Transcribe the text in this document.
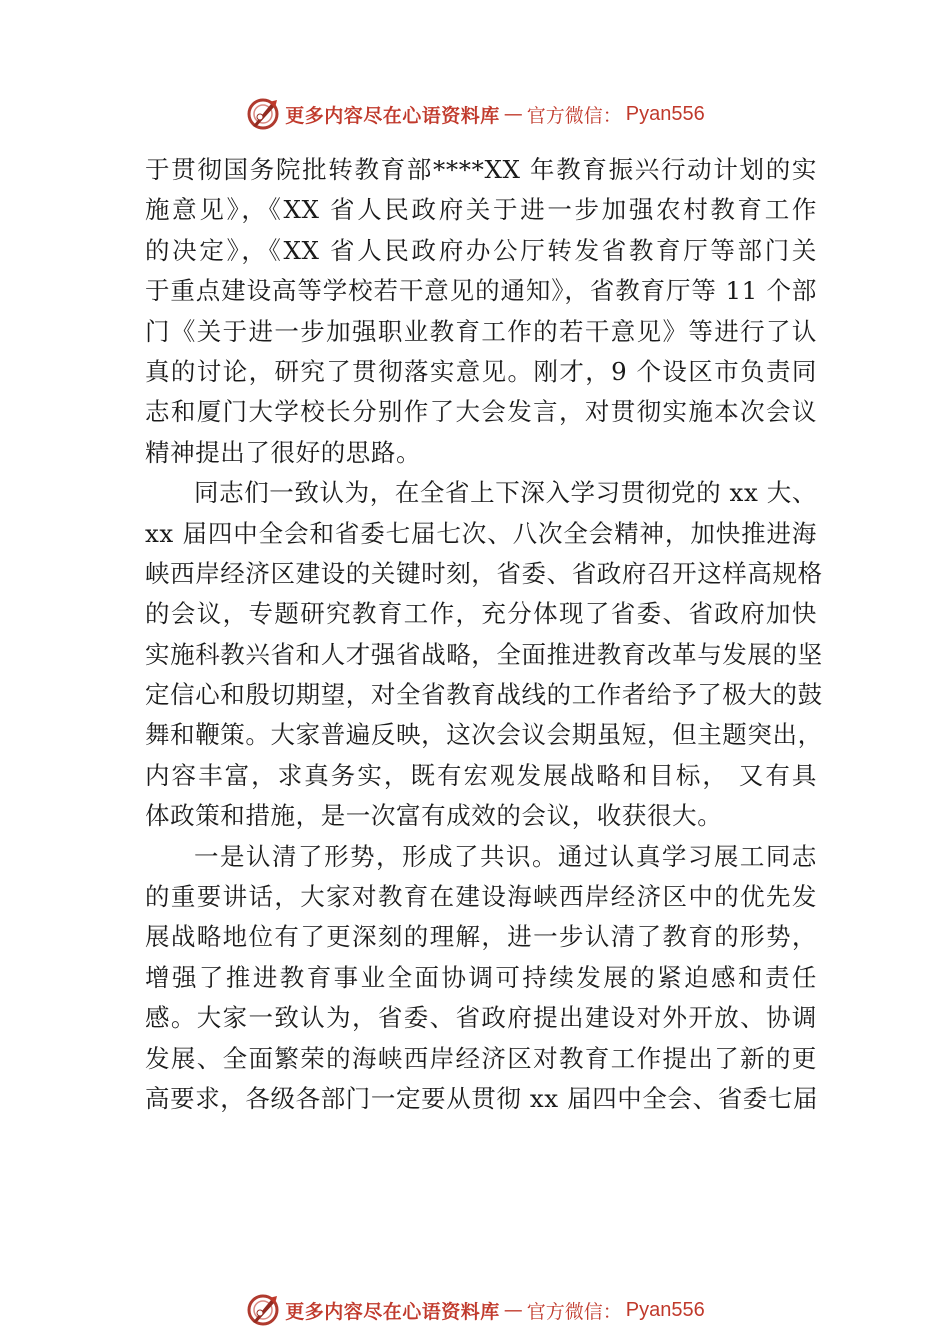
更多内容尽在心语资料库 — 官方微信： Pyan556
于贯彻国务院批转教育部****XX 年教育振兴行动计划的实
施意见》，《XX 省人民政府关于进一步加强农村教育工作
的决定》，《XX 省人民政府办公厅转发省教育厅等部门关
于重点建设高等学校若干意见的通知》，省教育厅等 11 个部
门《关于进一步加强职业教育工作的若干意见》等进行了认
真的讨论，研究了贯彻落实意见。刚才，9 个设区市负责同
志和厦门大学校长分别作了大会发言，对贯彻实施本次会议
精神提出了很好的思路。
同志们一致认为，在全省上下深入学习贯彻党的 xx 大、
xx 届四中全会和省委七届七次、八次全会精神，加快推进海
峡西岸经济区建设的关键时刻，省委、省政府召开这样高规格
的会议，专题研究教育工作，充分体现了省委、省政府加快
实施科教兴省和人才强省战略，全面推进教育改革与发展的坚
定信心和殷切期望，对全省教育战线的工作者给予了极大的鼓
舞和鞭策。大家普遍反映，这次会议会期虽短，但主题突出，
内容丰富，求真务实，既有宏观发展战略和目标， 又有具
体政策和措施，是一次富有成效的会议，收获很大。
一是认清了形势，形成了共识。通过认真学习展工同志
的重要讲话，大家对教育在建设海峡西岸经济区中的优先发
展战略地位有了更深刻的理解，进一步认清了教育的形势，
增强了推进教育事业全面协调可持续发展的紧迫感和责任
感。大家一致认为，省委、省政府提出建设对外开放、协调
发展、全面繁荣的海峡西岸经济区对教育工作提出了新的更
高要求，各级各部门一定要从贯彻 xx 届四中全会、省委七届
更多内容尽在心语资料库 — 官方微信： Pyan556
